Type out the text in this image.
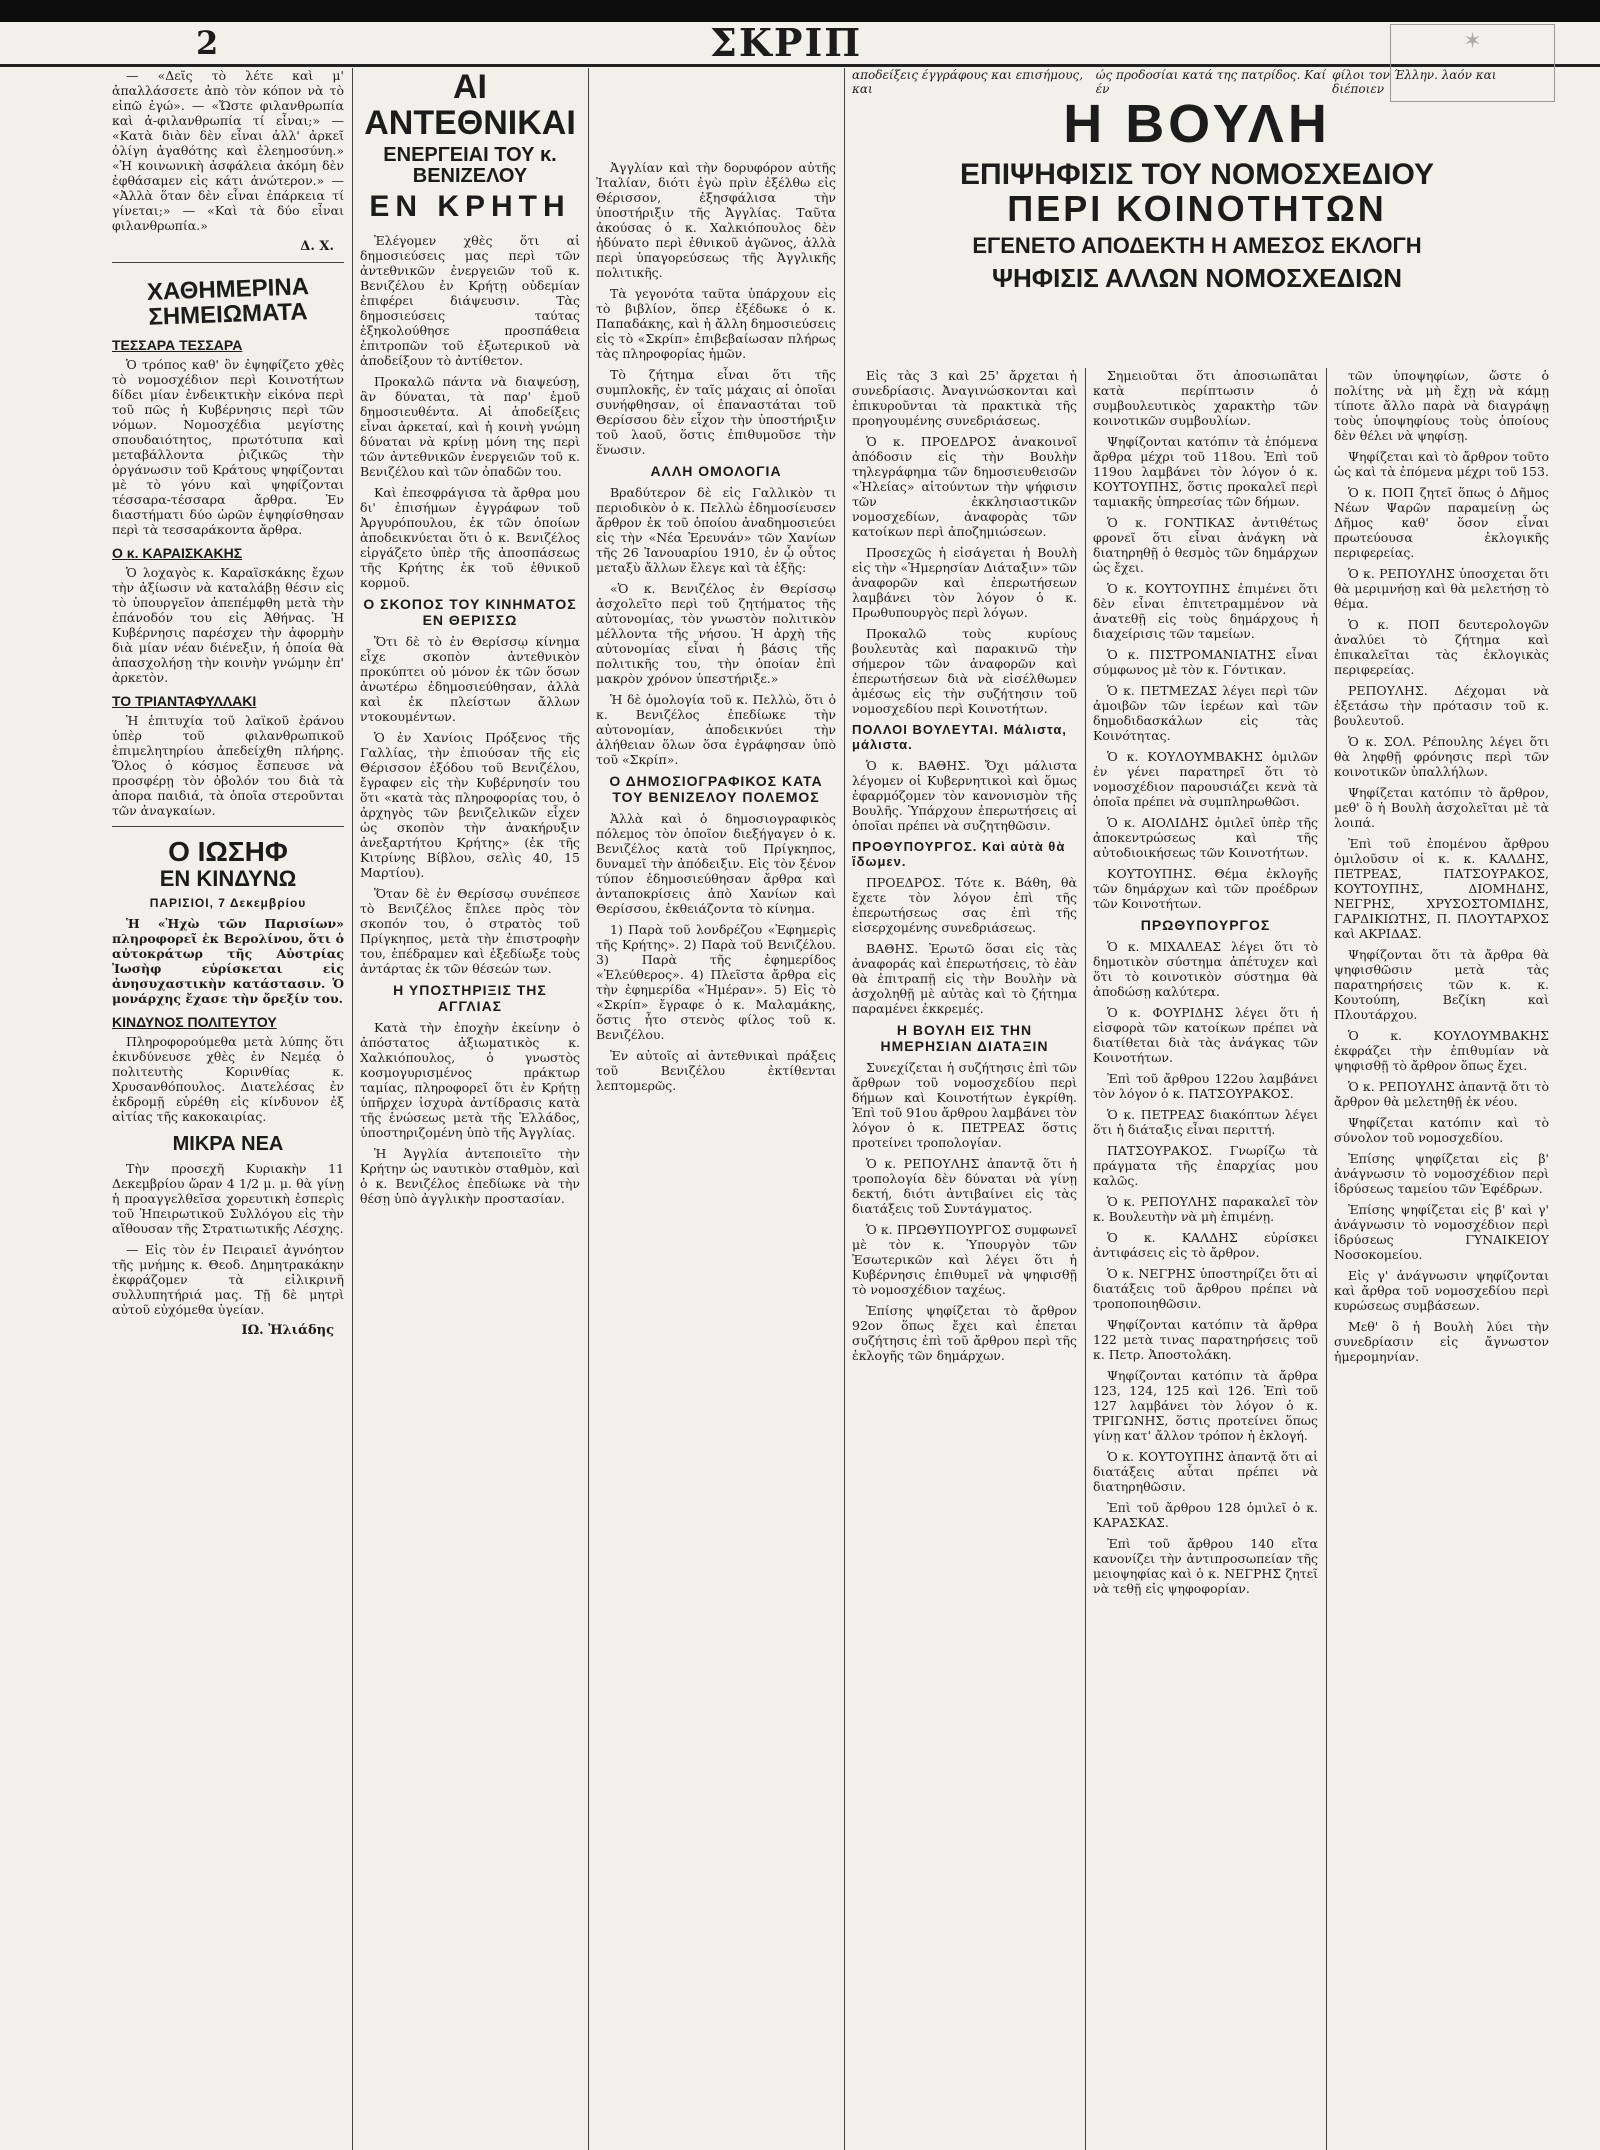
2	ΣΚΡΙΠ	✶

— «Δεῖς τὸ λέτε καὶ μ' ἀπαλλάσσετε ἀπὸ τὸν κόπον νὰ τὸ εἰπῶ ἐγώ». — «Ὤστε φιλανθρωπία καὶ ἀ-φιλανθρωπία τί εἶναι;» — «Κατὰ διὰν δὲν εἶναι ἀλλ' ἀρκεῖ ὀλίγη ἀγαθότης καὶ ἐλεημοσύνη.» «Ἡ κοινωνικὴ ἀσφάλεια ἀκόμη δὲν ἐφθάσαμεν εἰς κάτι ἀνώτερον.» — «Ἀλλὰ ὅταν δὲν εἶναι ἐπάρκεια τί γίνεται;» — «Καὶ τὰ δύο εἶναι φιλανθρωπία.»

Δ. Χ.
ΧΑΘΗΜΕΡΙΝΑ
ΣΗΜΕΙΩΜΑΤΑ
ΤΕΣΣΑΡΑ ΤΕΣΣΑΡΑ

Ὁ τρόπος καθ' ὃν ἐψηφίζετο χθὲς τὸ νομοσχέδιον περὶ Κοινοτήτων δίδει μίαν ἐνδεικτικὴν εἰκόνα περὶ τοῦ πῶς ἡ Κυβέρνησις περὶ τῶν νόμων. Νομοσχέδια μεγίστης σπουδαιότητος, πρωτότυπα καὶ μεταβάλλοντα ῥιζικῶς τὴν ὀργάνωσιν τοῦ Κράτους ψηφίζονται μὲ τὸ γόνυ καὶ ψηφίζονται τέσσαρα-τέσσαρα ἄρθρα. Ἐν διαστήματι δύο ὡρῶν ἐψηφίσθησαν περὶ τὰ τεσσαράκοντα ἄρθρα.

Ο κ. ΚΑΡΑΙΣΚΑΚΗΣ

Ὁ λοχαγὸς κ. Καραϊσκάκης ἔχων τὴν ἀξίωσιν νὰ καταλάβῃ θέσιν εἰς τὸ ὑπουργεῖον ἀπεπέμφθη μετὰ τὴν ἐπάνοδόν του εἰς Ἀθήνας. Ἡ Κυβέρνησις παρέσχεν τὴν ἀφορμὴν διὰ μίαν νέαν διένεξιν, ἡ ὁποία θὰ ἀπασχολήσῃ τὴν κοινὴν γνώμην ἐπ' ἀρκετὸν.

ΤΟ ΤΡΙΑΝΤΑΦΥΛΛΑΚΙ

Ἡ ἐπιτυχία τοῦ λαϊκοῦ ἐράνου ὑπὲρ τοῦ φιλανθρωπικοῦ ἐπιμελητηρίου ἀπεδείχθη πλήρης. Ὅλος ὁ κόσμος ἔσπευσε νὰ προσφέρῃ τὸν ὀβολόν του διὰ τὰ ἀπορα παιδιά, τὰ ὁποῖα στεροῦνται τῶν ἀναγκαίων.

Ο ΙΩΣΗΦ
ΕΝ ΚΙΝΔΥΝΩ
ΠΑΡΙΣΙΟΙ, 7 Δεκεμβρίου

Ἡ «Ἠχὼ τῶν Παρισίων» πληροφορεῖ ἐκ Βερολίνου, ὅτι ὁ αὐτοκράτωρ τῆς Αὐστρίας Ἰωσὴφ εὑρίσκεται εἰς ἀνησυχαστικὴν κατάστασιν. Ὁ μονάρχης ἔχασε τὴν ὄρεξίν του.

ΚΙΝΔΥΝΟΣ ΠΟΛΙΤΕΥΤΟΥ

Πληροφορούμεθα μετὰ λύπης ὅτι ἐκινδύνευσε χθὲς ἐν Νεμέᾳ ὁ πολιτευτὴς Κορινθίας κ. Χρυσανθόπουλος. Διατελέσας ἐν ἐκδρομῇ εὑρέθη εἰς κίνδυνον ἐξ αἰτίας τῆς κακοκαιρίας.

ΜΙΚΡΑ ΝΕΑ

Τὴν προσεχῆ Κυριακὴν 11 Δεκεμβρίου ὥραν 4 1/2 μ. μ. θὰ γίνῃ ἡ προαγγελθεῖσα χορευτικὴ ἑσπερὶς τοῦ Ἡπειρωτικοῦ Συλλόγου εἰς τὴν αἴθουσαν τῆς Στρατιωτικῆς Λέσχης.

— Εἰς τὸν ἐν Πειραιεῖ ἀγνόητον τῆς μνήμης κ. Θεοδ. Δημητρακάκην ἐκφράζομεν τὰ εἰλικρινῆ συλλυπητήριά μας. Τῇ δὲ μητρὶ αὐτοῦ εὐχόμεθα ὑγείαν.

ΙΩ. Ἠλιάδης
ΑΙ ΑΝΤΕΘΝΙΚΑΙ
ΕΝΕΡΓΕΙΑΙ ΤΟΥ κ. ΒΕΝΙΖΕΛΟΥ
ΕΝ ΚΡΗΤΗ

Ἐλέγομεν χθὲς ὅτι αἱ δημοσιεύσεις μας περὶ τῶν ἀντεθνικῶν ἐνεργειῶν τοῦ κ. Βενιζέλου ἐν Κρήτῃ οὐδεμίαν ἐπιφέρει διάψευσιν. Τὰς δημοσιεύσεις ταύτας ἐξηκολούθησε προσπάθεια ἐπιτροπῶν τοῦ ἐξωτερικοῦ νὰ ἀποδείξουν τὸ ἀντίθετον.

Προκαλῶ πάντα νὰ διαψεύσῃ, ἂν δύναται, τὰ παρ' ἐμοῦ δημοσιευθέντα. Αἱ ἀποδείξεις εἶναι ἀρκεταί, καὶ ἡ κοινὴ γνώμη δύναται νὰ κρίνῃ μόνη της περὶ τῶν ἀντεθνικῶν ἐνεργειῶν τοῦ κ. Βενιζέλου καὶ τῶν ὀπαδῶν του.

Καὶ ἐπεσφράγισα τὰ ἄρθρα μου δι' ἐπισήμων ἐγγράφων τοῦ Ἀργυρόπουλου, ἐκ τῶν ὁποίων ἀποδεικνύεται ὅτι ὁ κ. Βενιζέλος εἰργάζετο ὑπὲρ τῆς ἀποσπάσεως τῆς Κρήτης ἐκ τοῦ ἐθνικοῦ κορμοῦ.

Ο ΣΚΟΠΟΣ ΤΟΥ ΚΙΝΗΜΑΤΟΣ ΕΝ ΘΕΡΙΣΣΩ

Ὅτι δὲ τὸ ἐν Θερίσσῳ κίνημα εἶχε σκοπὸν ἀντεθνικὸν προκύπτει οὐ μόνον ἐκ τῶν ὅσων ἀνωτέρω ἐδημοσιεύθησαν, ἀλλὰ καὶ ἐκ πλείστων ἄλλων ντοκουμέντων.

Ὁ ἐν Χανίοις Πρόξενος τῆς Γαλλίας, τὴν ἐπιούσαν τῆς εἰς Θέρισσον ἐξόδου τοῦ Βενιζέλου, ἔγραφεν εἰς τὴν Κυβέρνησίν του ὅτι «κατὰ τὰς πληροφορίας του, ὁ ἀρχηγὸς τῶν βενιζελικῶν εἶχεν ὡς σκοπὸν τὴν ἀνακήρυξιν ἀνεξαρτήτου Κρήτης» (ἐκ τῆς Κιτρίνης Βίβλου, σελὶς 40, 15 Μαρτίου).

Ὅταν δὲ ἐν Θερίσσῳ συνέπεσε τὸ Βενιζέλος ἔπλεε πρὸς τὸν σκοπόν του, ὁ στρατὸς τοῦ Πρίγκηπος, μετὰ τὴν ἐπιστροφὴν του, ἐπέδραμεν καὶ ἐξεδίωξε τοὺς ἀντάρτας ἐκ τῶν θέσεών των.

Η ΥΠΟΣΤΗΡΙΞΙΣ ΤΗΣ ΑΓΓΛΙΑΣ

Κατὰ τὴν ἐποχὴν ἐκείνην ὁ ἀπόστατος ἀξιωματικὸς κ. Χαλκιόπουλος, ὁ γνωστὸς κοσμογυρισμένος πράκτωρ ταμίας, πληροφορεῖ ὅτι ἐν Κρήτῃ ὑπῆρχεν ἰσχυρὰ ἀντίδρασις κατὰ τῆς ἑνώσεως μετὰ τῆς Ἑλλάδος, ὑποστηριζομένη ὑπὸ τῆς Ἀγγλίας.

Ἡ Ἀγγλία ἀντεποιεῖτο τὴν Κρήτην ὡς ναυτικὸν σταθμὸν, καὶ ὁ κ. Βενιζέλος ἐπεδίωκε νὰ τὴν θέσῃ ὑπὸ ἀγγλικὴν προστασίαν.

Ἀγγλίαν καὶ τὴν δορυφόρον αὐτῆς Ἰταλίαν, διότι ἐγὼ πρὶν ἐξέλθω εἰς Θέρισσον, ἐξησφάλισα τὴν ὑποστήριξιν τῆς Ἀγγλίας. Ταῦτα ἀκούσας ὁ κ. Χαλκιόπουλος δὲν ἠδύνατο περὶ ἐθνικοῦ ἀγῶνος, ἀλλὰ περὶ ὑπαγορεύσεως τῆς Ἀγγλικῆς πολιτικῆς.

Τὰ γεγονότα ταῦτα ὑπάρχουν εἰς τὸ βιβλίον, ὅπερ ἐξέδωκε ὁ κ. Παπαδάκης, καὶ ἡ ἄλλη δημοσιεύσεις εἰς τὸ «Σκρίπ» ἐπιβεβαίωσαν πλήρως τὰς πληροφορίας ἡμῶν.

Τὸ ζήτημα εἶναι ὅτι τῆς συμπλοκῆς, ἐν ταῖς μάχαις αἱ ὁποῖαι συνήφθησαν, οἱ ἐπαναστάται τοῦ Θερίσσου δὲν εἶχον τὴν ὑποστήριξιν τοῦ λαοῦ, ὅστις ἐπιθυμοῦσε τὴν ἕνωσιν.

ΑΛΛΗ ΟΜΟΛΟΓΙΑ

Βραδύτερον δὲ εἰς Γαλλικὸν τι περιοδικὸν ὁ κ. Πελλὼ ἐδημοσίευσεν ἄρθρον ἐκ τοῦ ὁποίου ἀναδημοσιεύει εἰς τὴν «Νέα Ἑρευνάν» τῶν Χανίων τῆς 26 Ἰανουαρίου 1910, ἐν ᾧ οὗτος μεταξὺ ἄλλων ἔλεγε καὶ τὰ ἑξῆς:

«Ὁ κ. Βενιζέλος ἐν Θερίσσῳ ἀσχολεῖτο περὶ τοῦ ζητήματος τῆς αὐτονομίας, τὸν γνωστὸν πολιτικὸν μέλλοντα τῆς νήσου. Ἡ ἀρχὴ τῆς αὐτονομίας εἶναι ἡ βάσις τῆς πολιτικῆς του, τὴν ὁποίαν ἐπὶ μακρὸν χρόνον ὑπεστήριξε.»

Ἡ δὲ ὁμολογία τοῦ κ. Πελλὼ, ὅτι ὁ κ. Βενιζέλος ἐπεδίωκε τὴν αὐτονομίαν, ἀποδεικνύει τὴν ἀλήθειαν ὅλων ὅσα ἐγράφησαν ὑπὸ τοῦ «Σκρίπ».

Ο ΔΗΜΟΣΙΟΓΡΑΦΙΚΟΣ ΚΑΤΑ ΤΟΥ ΒΕΝΙΖΕΛΟΥ ΠΟΛΕΜΟΣ

Ἀλλὰ καὶ ὁ δημοσιογραφικὸς πόλεμος τὸν ὁποῖον διεξήγαγεν ὁ κ. Βενιζέλος κατὰ τοῦ Πρίγκηπος, δυναμεῖ τὴν ἀπόδειξιν. Εἰς τὸν ξένον τύπον ἐδημοσιεύθησαν ἄρθρα καὶ ἀνταποκρίσεις ἀπὸ Χανίων καὶ Θερίσσου, ἐκθειάζοντα τὸ κίνημα.

1) Παρὰ τοῦ λονδρέζου «Ἐφημερὶς τῆς Κρήτης». 2) Παρὰ τοῦ Βενιζέλου. 3) Παρὰ τῆς ἐφημερίδος «Ἐλεύθερος». 4) Πλεῖστα ἄρθρα εἰς τὴν ἐφημερίδα «Ἡμέραν». 5) Εἰς τὸ «Σκρίπ» ἔγραφε ὁ κ. Μαλαμάκης, ὅστις ἦτο στενὸς φίλος τοῦ κ. Βενιζέλου.

Ἐν αὐτοῖς αἱ ἀντεθνικαὶ πράξεις τοῦ Βενιζέλου ἐκτίθενται λεπτομερῶς.

Η ΒΟΥΛΗ
ΕΠΙΨΗΦΙΣΙΣ ΤΟΥ ΝΟΜΟΣΧΕΔΙΟΥ
ΠΕΡΙ ΚΟΙΝΟΤΗΤΩΝ
ΕΓΕΝΕΤΟ ΑΠΟΔΕΚΤΗ Η ΑΜΕΣΟΣ ΕΚΛΟΓΗ
ΨΗΦΙΣΙΣ ΑΛΛΩΝ ΝΟΜΟΣΧΕΔΙΩΝ

Εἰς τὰς 3 καὶ 25' ἄρχεται ἡ συνεδρίασις. Ἀναγινώσκονται καὶ ἐπικυροῦνται τὰ πρακτικὰ τῆς προηγουμένης συνεδριάσεως.

Ὁ κ. ΠΡΟΕΔΡΟΣ ἀνακοινοῖ ἀπόδοσιν εἰς τὴν Βουλὴν τηλεγράφημα τῶν δημοσιευθεισῶν «Ἠλείας» αἰτούντων τὴν ψήφισιν τῶν ἐκκλησιαστικῶν νομοσχεδίων, ἀναφορὰς τῶν κατοίκων περὶ ἀποζημιώσεων.

Προσεχῶς ἡ εἰσάγεται ἡ Βουλὴ εἰς τὴν «Ἡμερησίαν Διάταξιν» τῶν ἀναφορῶν καὶ ἐπερωτήσεων λαμβάνει τὸν λόγον ὁ κ. Πρωθυπουργὸς περὶ λόγων.

Προκαλῶ τοὺς κυρίους βουλευτὰς καὶ παρακινῶ τὴν σήμερον τῶν ἀναφορῶν καὶ ἐπερωτήσεων διὰ νὰ εἰσέλθωμεν ἀμέσως εἰς τὴν συζήτησιν τοῦ νομοσχεδίου περὶ Κοινοτήτων.

ΠΟΛΛΟΙ ΒΟΥΛΕΥΤΑΙ. Μάλιστα, μάλιστα.

Ὁ κ. ΒΑΘΗΣ. Ὄχι μάλιστα λέγομεν οἱ Κυβερνητικοὶ καὶ ὅμως ἐφαρμόζομεν τὸν κανονισμὸν τῆς Βουλῆς. Ὑπάρχουν ἐπερωτήσεις αἱ ὁποῖαι πρέπει νὰ συζητηθῶσιν.

ΠΡΟΘΥΠΟΥΡΓΟΣ. Καὶ αὐτὰ θὰ ἴδωμεν.

ΠΡΟΕΔΡΟΣ. Τότε κ. Βάθη, θὰ ἔχετε τὸν λόγον ἐπὶ τῆς ἐπερωτήσεως σας ἐπὶ τῆς εἰσερχομένης συνεδριάσεως.

ΒΑΘΗΣ. Ἐρωτῶ ὅσαι εἰς τὰς ἀναφοράς καὶ ἐπερωτήσεις, τὸ ἐὰν θὰ ἐπιτραπῇ εἰς τὴν Βουλὴν νὰ ἀσχοληθῇ μὲ αὐτὰς καὶ τὸ ζήτημα παραμένει ἐκκρεμές.

Η ΒΟΥΛΗ ΕΙΣ ΤΗΝ ΗΜΕΡΗΣΙΑΝ ΔΙΑΤΑΞΙΝ

Συνεχίζεται ἡ συζήτησις ἐπὶ τῶν ἄρθρων τοῦ νομοσχεδίου περὶ δήμων καὶ Κοινοτήτων ἐγκρίθη. Ἐπὶ τοῦ 91ου ἄρθρου λαμβάνει τὸν λόγον ὁ κ. ΠΕΤΡΕΑΣ ὅστις προτείνει τροπολογίαν.

Ὁ κ. ΡΕΠΟΥΛΗΣ ἀπαντᾷ ὅτι ἡ τροπολογία δὲν δύναται νὰ γίνῃ δεκτή, διότι ἀντιβαίνει εἰς τὰς διατάξεις τοῦ Συντάγματος.

Ὁ κ. ΠΡΩΘΥΠΟΥΡΓΟΣ συμφωνεῖ μὲ τὸν κ. Ὑπουργὸν τῶν Ἐσωτερικῶν καὶ λέγει ὅτι ἡ Κυβέρνησις ἐπιθυμεῖ νὰ ψηφισθῇ τὸ νομοσχέδιον ταχέως.

Ἐπίσης ψηφίζεται τὸ ἄρθρον 92ον ὅπως ἔχει καὶ ἐπεται συζήτησις ἐπὶ τοῦ ἄρθρου περὶ τῆς ἐκλογῆς τῶν δημάρχων.

Σημειοῦται ὅτι ἀποσιωπᾶται κατὰ περίπτωσιν ὁ συμβουλευτικὸς χαρακτὴρ τῶν κοινοτικῶν συμβουλίων.

Ψηφίζονται κατόπιν τὰ ἑπόμενα ἄρθρα μέχρι τοῦ 118ου. Ἐπὶ τοῦ 119ου λαμβάνει τὸν λόγον ὁ κ. ΚΟΥΤΟΥΠΗΣ, ὅστις προκαλεῖ περὶ ταμιακῆς ὑπηρεσίας τῶν δήμων.

Ὁ κ. ΓΟΝΤΙΚΑΣ ἀντιθέτως φρονεῖ ὅτι εἶναι ἀνάγκη νὰ διατηρηθῇ ὁ θεσμὸς τῶν δημάρχων ὡς ἔχει.

Ὁ κ. ΚΟΥΤΟΥΠΗΣ ἐπιμένει ὅτι δὲν εἶναι ἐπιτετραμμένον νὰ ἀνατεθῇ εἰς τοὺς δημάρχους ἡ διαχείρισις τῶν ταμείων.

Ὁ κ. ΠΙΣΤΡΟΜΑΝΙΑΤΗΣ εἶναι σύμφωνος μὲ τὸν κ. Γόντικαν.

Ὁ κ. ΠΕΤΜΕΖΑΣ λέγει περὶ τῶν ἀμοιβῶν τῶν ἱερέων καὶ τῶν δημοδιδασκάλων εἰς τὰς Κοινότητας.

Ὁ κ. ΚΟΥΛΟΥΜΒΑΚΗΣ ὁμιλῶν ἐν γένει παρατηρεῖ ὅτι τὸ νομοσχέδιον παρουσιάζει κενὰ τὰ ὁποῖα πρέπει νὰ συμπληρωθῶσι.

Ὁ κ. ΑΙΟΛΙΔΗΣ ὁμιλεῖ ὑπὲρ τῆς ἀποκεντρώσεως καὶ τῆς αὐτοδιοικήσεως τῶν Κοινοτήτων.

ΚΟΥΤΟΥΠΗΣ. Θέμα ἐκλογῆς τῶν δημάρχων καὶ τῶν προέδρων τῶν Κοινοτήτων.

ΠΡΩΘΥΠΟΥΡΓΟΣ

Ὁ κ. ΜΙΧΑΛΕΑΣ λέγει ὅτι τὸ δημοτικὸν σύστημα ἀπέτυχεν καὶ ὅτι τὸ κοινοτικὸν σύστημα θὰ ἀποδώσῃ καλύτερα.

Ὁ κ. ΦΟΥΡΙΔΗΣ λέγει ὅτι ἡ εἰσφορὰ τῶν κατοίκων πρέπει νὰ διατίθεται διὰ τὰς ἀνάγκας τῶν Κοινοτήτων.

Ἐπὶ τοῦ ἄρθρου 122ου λαμβάνει τὸν λόγον ὁ κ. ΠΑΤΣΟΥΡΑΚΟΣ.

Ὁ κ. ΠΕΤΡΕΑΣ διακόπτων λέγει ὅτι ἡ διάταξις εἶναι περιττή.

ΠΑΤΣΟΥΡΑΚΟΣ. Γνωρίζω τὰ πράγματα τῆς ἐπαρχίας μου καλῶς.

Ὁ κ. ΡΕΠΟΥΛΗΣ παρακαλεῖ τὸν κ. Βουλευτὴν νὰ μὴ ἐπιμένῃ.

Ὁ κ. ΚΑΛΔΗΣ εὑρίσκει ἀντιφάσεις εἰς τὸ ἄρθρον.

Ὁ κ. ΝΕΓΡΗΣ ὑποστηρίζει ὅτι αἱ διατάξεις τοῦ ἄρθρου πρέπει νὰ τροποποιηθῶσιν.

Ψηφίζονται κατόπιν τὰ ἄρθρα 122 μετὰ τινας παρατηρήσεις τοῦ κ. Πετρ. Ἀποστολάκη.

Ψηφίζονται κατόπιν τὰ ἄρθρα 123, 124, 125 καὶ 126. Ἐπὶ τοῦ 127 λαμβάνει τὸν λόγον ὁ κ. ΤΡΙΓΩΝΗΣ, ὅστις προτείνει ὅπως γίνῃ κατ' ἄλλον τρόπον ἡ ἐκλογή.

Ὁ κ. ΚΟΥΤΟΥΠΗΣ ἀπαντᾷ ὅτι αἱ διατάξεις αὗται πρέπει νὰ διατηρηθῶσιν.

Ἐπὶ τοῦ ἄρθρου 128 ὁμιλεῖ ὁ κ. ΚΑΡΑΣΚΑΣ.

Ἐπὶ τοῦ ἄρθρου 140 εἴτα κανονίζει τὴν ἀντιπροσωπείαν τῆς μειοψηφίας καὶ ὁ κ. ΝΕΓΡΗΣ ζητεῖ νὰ τεθῇ εἰς ψηφοφορίαν.

τῶν ὑποψηφίων, ὥστε ὁ πολίτης νὰ μὴ ἔχῃ νὰ κάμῃ τίποτε ἄλλο παρὰ νὰ διαγράψῃ τοὺς ὑποψηφίους τοὺς ὁποίους δὲν θέλει νὰ ψηφίσῃ.

Ψηφίζεται καὶ τὸ ἄρθρον τοῦτο ὡς καὶ τὰ ἐπόμενα μέχρι τοῦ 153.

Ὁ κ. ΠΟΠ ζητεῖ ὅπως ὁ Δῆμος Νέων Ψαρῶν παραμείνῃ ὡς Δῆμος καθ' ὅσον εἶναι πρωτεύουσα ἐκλογικῆς περιφερείας.

Ὁ κ. ΡΕΠΟΥΛΗΣ ὑποσχεται ὅτι θὰ μεριμνήσῃ καὶ θὰ μελετήσῃ τὸ θέμα.

Ὁ κ. ΠΟΠ δευτερολογῶν ἀναλύει τὸ ζήτημα καὶ ἐπικαλεῖται τὰς ἐκλογικὰς περιφερείας.

ΡΕΠΟΥΛΗΣ. Δέχομαι νὰ ἐξετάσω τὴν πρότασιν τοῦ κ. βουλευτοῦ.

Ὁ κ. ΣΟΛ. Ρέπουλης λέγει ὅτι θὰ ληφθῇ φρόνησις περὶ τῶν κοινοτικῶν ὑπαλλήλων.

Ψηφίζεται κατόπιν τὸ ἄρθρον, μεθ' ὃ ἡ Βουλὴ ἀσχολεῖται μὲ τὰ λοιπά.

Ἐπὶ τοῦ ἐπομένου ἄρθρου ὁμιλοῦσιν οἱ κ. κ. ΚΑΛΔΗΣ, ΠΕΤΡΕΑΣ, ΠΑΤΣΟΥΡΑΚΟΣ, ΚΟΥΤΟΥΠΗΣ, ΔΙΟΜΗΔΗΣ, ΝΕΓΡΗΣ, ΧΡΥΣΟΣΤΟΜΙΔΗΣ, ΓΑΡΔΙΚΙΩΤΗΣ, Π. ΠΛΟΥΤΑΡΧΟΣ καὶ ΑΚΡΙΔΑΣ.

Ψηφίζονται ὅτι τὰ ἄρθρα θὰ ψηφισθῶσιν μετὰ τὰς παρατηρήσεις τῶν κ. κ. Κουτούπη, Βεζίκη καὶ Πλουτάρχου.

Ὁ κ. ΚΟΥΛΟΥΜΒΑΚΗΣ ἐκφράζει τὴν ἐπιθυμίαν νὰ ψηφισθῇ τὸ ἄρθρον ὅπως ἔχει.

Ὁ κ. ΡΕΠΟΥΛΗΣ ἀπαντᾷ ὅτι τὸ ἄρθρον θὰ μελετηθῇ ἐκ νέου.

Ψηφίζεται κατόπιν καὶ τὸ σύνολον τοῦ νομοσχεδίου.

Ἐπίσης ψηφίζεται εἰς β' ἀνάγνωσιν τὸ νομοσχέδιον περὶ ἱδρύσεως ταμείου τῶν Ἐφέδρων.

Ἐπίσης ψηφίζεται εἰς β' καὶ γ' ἀνάγνωσιν τὸ νομοσχέδιον περὶ ἱδρύσεως ΓΥΝΑΙΚΕΙΟΥ Νοσοκομείου.

Εἰς γ' ἀνάγνωσιν ψηφίζονται καὶ ἄρθρα τοῦ νομοσχεδίου περὶ κυρώσεως συμβάσεων.

Μεθ' ὃ ἡ Βουλὴ λύει τὴν συνεδρίασιν εἰς ἄγνωστον ἡμερομηνίαν.

αποδείξεις έγγράφους και επισήμους, και
ώς προδοσίαι κατά της πατρίδος. Καί έν
φίλοι τον Έλλην. λαόν και διέποιεν
